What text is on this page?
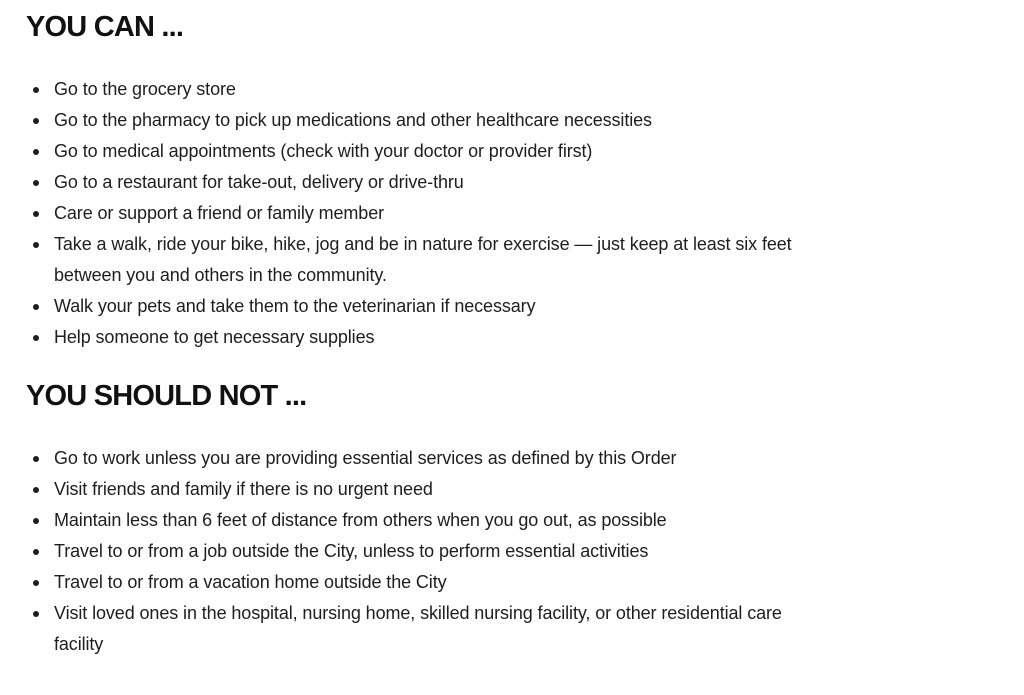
YOU CAN ...
Go to the grocery store
Go to the pharmacy to pick up medications and other healthcare necessities
Go to medical appointments (check with your doctor or provider first)
Go to a restaurant for take-out, delivery or drive-thru
Care or support a friend or family member
Take a walk, ride your bike, hike, jog and be in nature for exercise — just keep at least six feet between you and others in the community.
Walk your pets and take them to the veterinarian if necessary
Help someone to get necessary supplies
YOU SHOULD NOT ...
Go to work unless you are providing essential services as defined by this Order
Visit friends and family if there is no urgent need
Maintain less than 6 feet of distance from others when you go out, as possible
Travel to or from a job outside the City, unless to perform essential activities
Travel to or from a vacation home outside the City
Visit loved ones in the hospital, nursing home, skilled nursing facility, or other residential care facility
